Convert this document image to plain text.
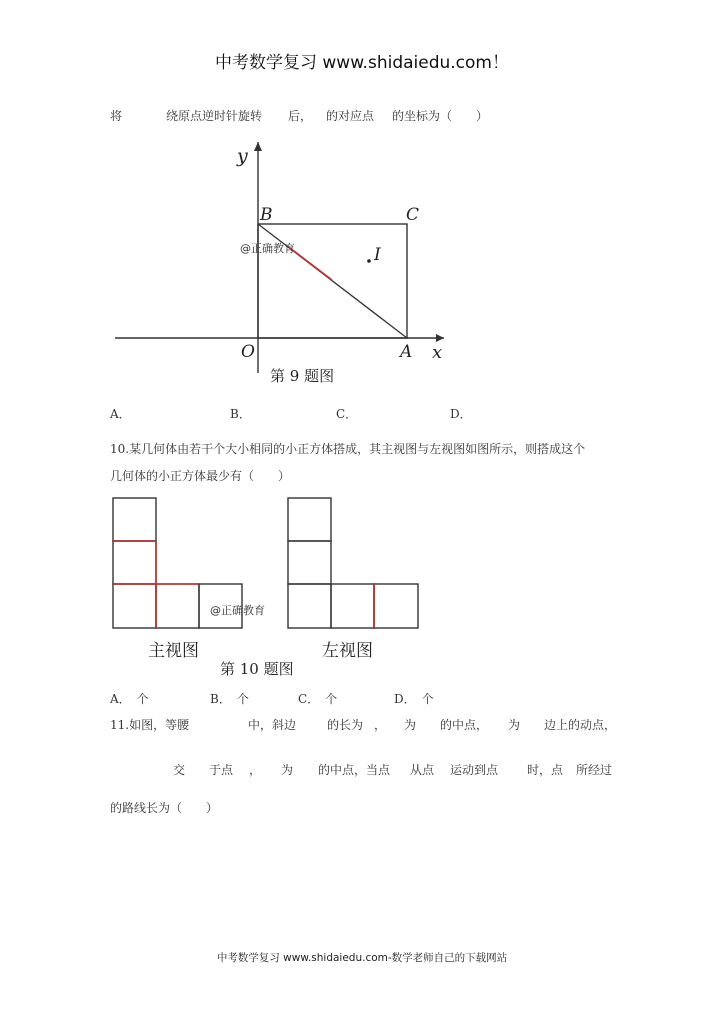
中考数学复习 www.shidaiedu.com！
将	绕原点逆时针旋转 后， 的对应点 的坐标为（　　）
y
x
B	C
O	A
I
@正确教育
第 9 题图
A．	B．	C．	D．
10.某几何体由若干个大小相同的小正方体搭成，其主视图与左视图如图所示，则搭成这个
几何体的小正方体最少有（　　）
@正确教育
主视图	左视图
第 10 题图
A．　个	B．　个	C．　个	D．　个
11.如图，等腰	中，斜边	的长为 ， 为 的中点， 为 边上的动点，
交 于点 ， 为 的中点，当点 从点 运动到点 时，点 所经过
的路线长为（　　）
中考数学复习 www.shidaiedu.com-数学老师自己的下载网站
